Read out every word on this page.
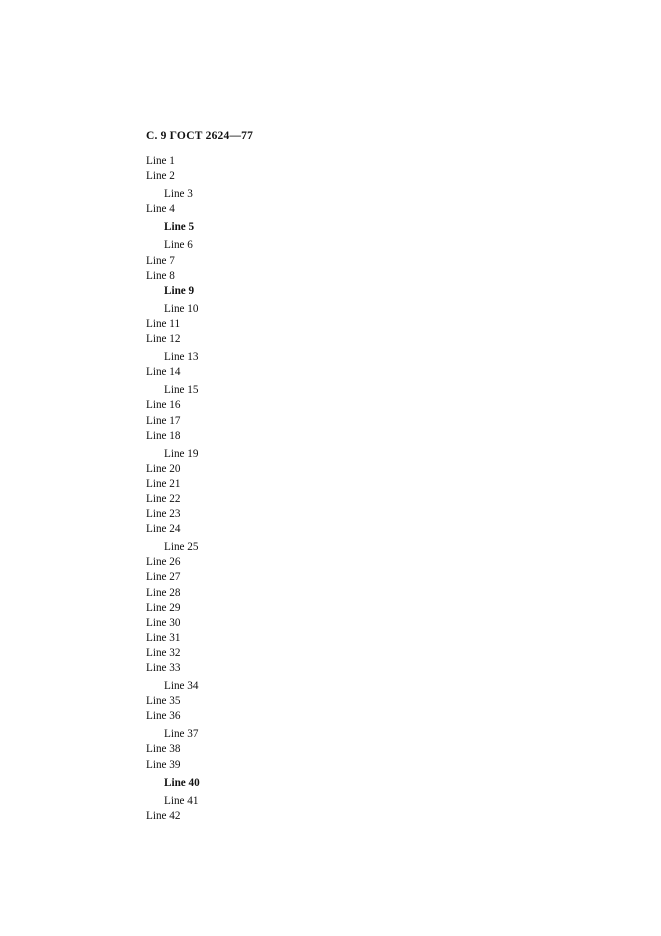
С. 9 ГОСТ 2624—77
Line 1
Line 2
Line 3
Line 4
Line 5
Line 6
Line 7
Line 8
Line 9
Line 10
Line 11
Line 12
Line 13
Line 14
Line 15
Line 16
Line 17
Line 18
Line 19
Line 20
Line 21
Line 22
Line 23
Line 24
Line 25
Line 26
Line 27
Line 28
Line 29
Line 30
Line 31
Line 32
Line 33
Line 34
Line 35
Line 36
Line 37
Line 38
Line 39
Line 40
Line 41
Line 42
